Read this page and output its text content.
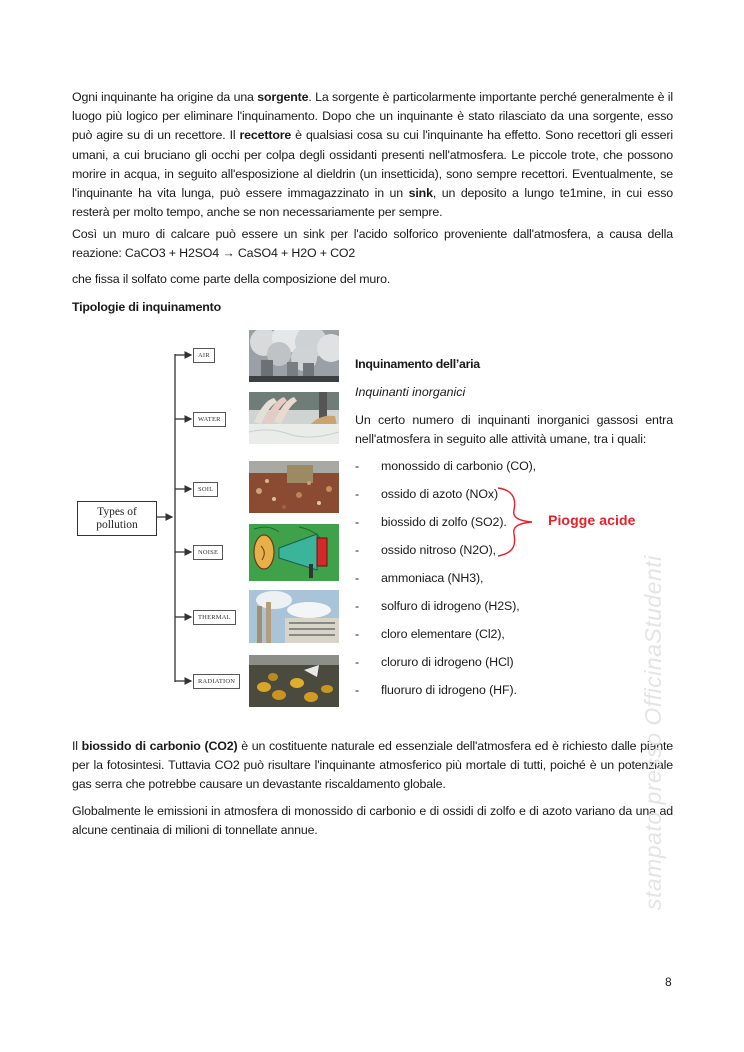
Ogni inquinante ha origine da una sorgente. La sorgente è particolarmente importante perché generalmente è il luogo più logico per eliminare l'inquinamento. Dopo che un inquinante è stato rilasciato da una sorgente, esso può agire su di un recettore. Il recettore è qualsiasi cosa su cui l'inquinante ha effetto. Sono recettori gli esseri umani, a cui bruciano gli occhi per colpa degli ossidanti presenti nell'atmosfera. Le piccole trote, che possono morire in acqua, in seguito all'esposizione al dieldrin (un insetticida), sono sempre recettori. Eventualmente, se l'inquinante ha vita lunga, può essere immagazzinato in un sink, un deposito a lungo te1mine, in cui esso resterà per molto tempo, anche se non necessariamente per sempre.

Così un muro di calcare può essere un sink per l'acido solforico proveniente dall'atmosfera, a causa della reazione: CaCO3 + H2SO4 → CaSO4 + H2O + CO2

che fissa il solfato come parte della composizione del muro.

Tipologie di inquinamento
Types of
pollution
AIR
WATER
SOIL
NOISE
THERMAL
RADIATION
Inquinamento dell’aria
Inquinanti inorganici

Un certo numero di inquinanti inorganici gassosi entra nell'atmosfera in seguito alle attività umane, tra i quali:

-	monossido di carbonio (CO),
-	ossido di azoto (NOx)
-	biossido di zolfo (SO2).
-	ossido nitroso (N2O),
-	ammoniaca (NH3),
-	solfuro di idrogeno (H2S),
-	cloro elementare (Cl2),
-	cloruro di idrogeno (HCl)
-	fluoruro di idrogeno (HF).
Piogge acide

Il biossido di carbonio (CO2) è un costituente naturale ed essenziale dell'atmosfera ed è richiesto dalle piante per la fotosintesi. Tuttavia CO2 può risultare l'inquinante atmosferico più mortale di tutti, poiché è un potenziale gas serra che potrebbe causare un devastante riscaldamento globale.

Globalmente le emissioni in atmosfera di monossido di carbonio e di ossidi di zolfo e di azoto variano da una ad alcune centinaia di milioni di tonnellate annue.	stampato presso OfficinaStudenti
8
